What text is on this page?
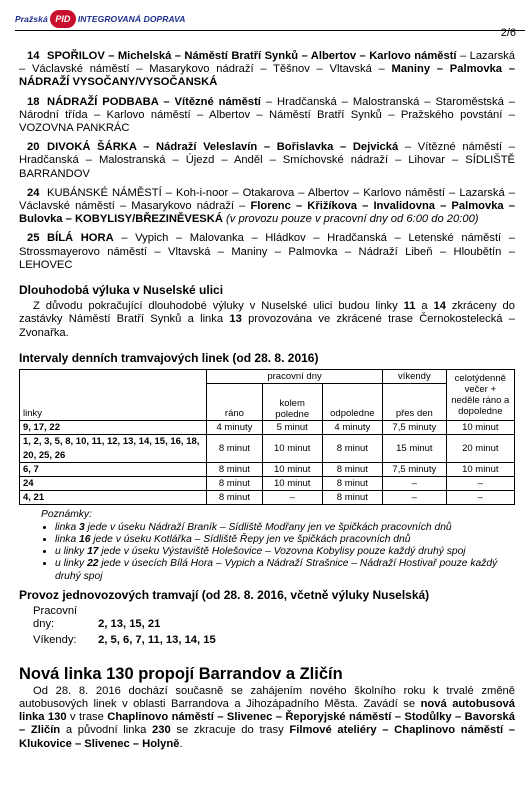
Pražská PID INTEGROVANÁ DOPRAVA
2/6

14 SPOŘILOV – Michelská – Náměstí Bratří Synků – Albertov – Karlovo náměstí – Lazarská – Václavské náměstí – Masarykovo nádraží – Těšnov – Vltavská – Maniny – Palmovka – NÁDRAŽÍ VYSOČANY/VYSOČANSKÁ

18 NÁDRAŽÍ PODBABA – Vítězné náměstí – Hradčanská – Malostranská – Staroměstská – Národní třída – Karlovo náměstí – Albertov – Náměstí Bratří Synků – Pražského povstání – VOZOVNA PANKRÁC

20 DIVOKÁ ŠÁRKA – Nádraží Veleslavín – Bořislavka – Dejvická – Vítězné náměstí – Hradčanská – Malostranská – Újezd – Anděl – Smíchovské nádraží – Lihovar – SÍDLIŠTĚ BARRANDOV

24 KUBÁNSKÉ NÁMĚSTÍ – Koh-i-noor – Otakarova – Albertov – Karlovo náměstí – Lazarská – Václavské náměstí – Masarykovo nádraží – Florenc – Křižíkova – Invalidovna – Palmovka – Bulovka – KOBYLISY/BŘEZINĚVESKÁ (v provozu pouze v pracovní dny od 6:00 do 20:00)

25 BÍLÁ HORA – Vypich – Malovanka – Hládkov – Hradčanská – Letenské náměstí – Strossmayerovo náměstí – Vltavská – Maniny – Palmovka – Nádraží Libeň – Hloubětín – LEHOVEC

Dlouhodobá výluka v Nuselské ulici

Z důvodu pokračující dlouhodobé výluky v Nuselské ulici budou linky 11 a 14 zkráceny do zastávky Náměstí Bratří Synků a linka 13 provozována ve zkrácené trase Černokostelecká – Zvonařka.

Intervaly denních tramvajových linek (od 28. 8. 2016)
linky	pracovní dny			víkendy	celotýdenně večer + neděle ráno a dopoledne
	ráno	kolem poledne	odpoledne	přes den	
9, 17, 22	4 minuty	5 minut	4 minuty	7,5 minuty	10 minut
1, 2, 3, 5, 8, 10, 11, 12, 13, 14, 15, 16, 18, 20, 25, 26	8 minut	10 minut	8 minut	15 minut	20 minut
6, 7	8 minut	10 minut	8 minut	7,5 minuty	10 minut
24	8 minut	10 minut	8 minut	–	–
4, 21	8 minut	–	8 minut	–	–
Poznámky:
• linka 3 jede v úseku Nádraží Braník – Sídliště Modřany jen ve špičkách pracovních dnů
• linka 16 jede v úseku Kotlářka – Sídliště Řepy jen ve špičkách pracovních dnů
• u linky 17 jede v úseku Výstaviště Holešovice – Vozovna Kobylisy pouze každý druhý spoj
• u linky 22 jede v úsecích Bílá Hora – Vypich a Nádraží Strašnice – Nádraží Hostivař pouze každý druhý spoj
Provoz jednovozových tramvají (od 28. 8. 2016, včetně výluky Nuselská)
Pracovní dny:	2, 13, 15, 21
Víkendy: 2, 5, 6, 7, 11, 13, 14, 15
Nová linka 130 propojí Barrandov a Zličín

Od 28. 8. 2016 dochází současně se zahájením nového školního roku k trvalé změně autobusových linek v oblasti Barrandova a Jihozápadního Města. Zavádí se nová autobusová linka 130 v trase Chaplinovo náměstí – Slivenec – Řeporyjské náměstí – Stodůlky – Bavorská – Zličín a původní linka 230 se zkracuje do trasy Filmové ateliéry – Chaplinovo náměstí – Klukovice – Slivenec – Holyně.
